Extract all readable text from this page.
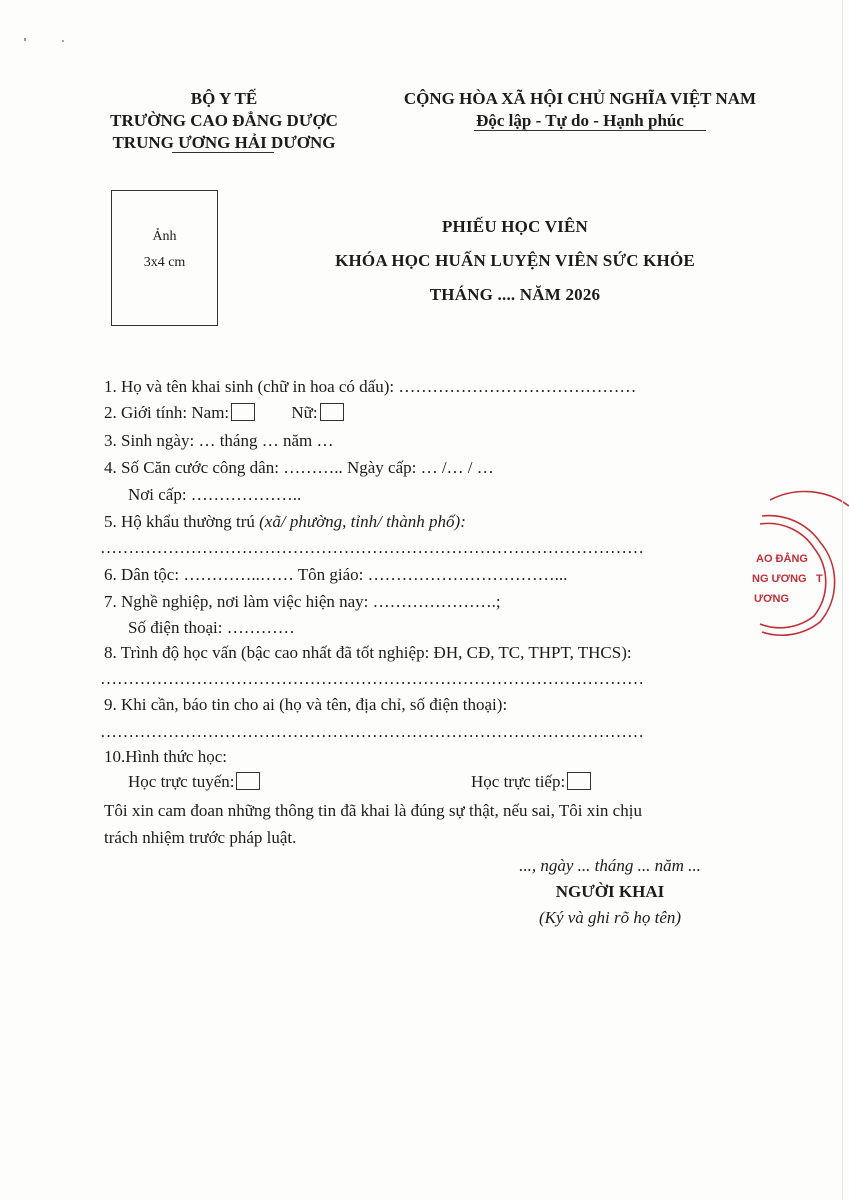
BỘ Y TẾ
TRƯỜNG CAO ĐẲNG DƯỢC
TRUNG ƯƠNG HẢI DƯƠNG
CỘNG HÒA XÃ HỘI CHỦ NGHĨA VIỆT NAM
Độc lập - Tự do - Hạnh phúc
Ảnh
3x4 cm
PHIẾU HỌC VIÊN
KHÓA HỌC HUẤN LUYỆN VIÊN SỨC KHỎE
THÁNG .... NĂM 2026
1. Họ và tên khai sinh (chữ in hoa có dấu): ……………………………………
2. Giới tính: Nam:	Nữ:
3. Sinh ngày: … tháng … năm …
4. Số Căn cước công dân: ……….. Ngày cấp: … /… / …
Nơi cấp: ………………..
5. Hộ khẩu thường trú (xã/ phường, tỉnh/ thành phố):
……………………………………………………………………………………
6. Dân tộc: …………..…… Tôn giáo: ……………………………...
7. Nghề nghiệp, nơi làm việc hiện nay: ………………….;
Số điện thoại: …………
8. Trình độ học vấn (bậc cao nhất đã tốt nghiệp: ĐH, CĐ, TC, THPT, THCS):
……………………………………………………………………………………
9. Khi cần, báo tin cho ai (họ và tên, địa chỉ, số điện thoại):
……………………………………………………………………………………
10.Hình thức học:
Học trực tuyến:	Học trực tiếp:
Tôi xin cam đoan những thông tin đã khai là đúng sự thật, nếu sai, Tôi xin chịu
trách nhiệm trước pháp luật.
..., ngày ... tháng ... năm ...
NGƯỜI KHAI
(Ký và ghi rõ họ tên)
AO ĐẲNG
NG ƯƠNG
ƯƠNG
T
